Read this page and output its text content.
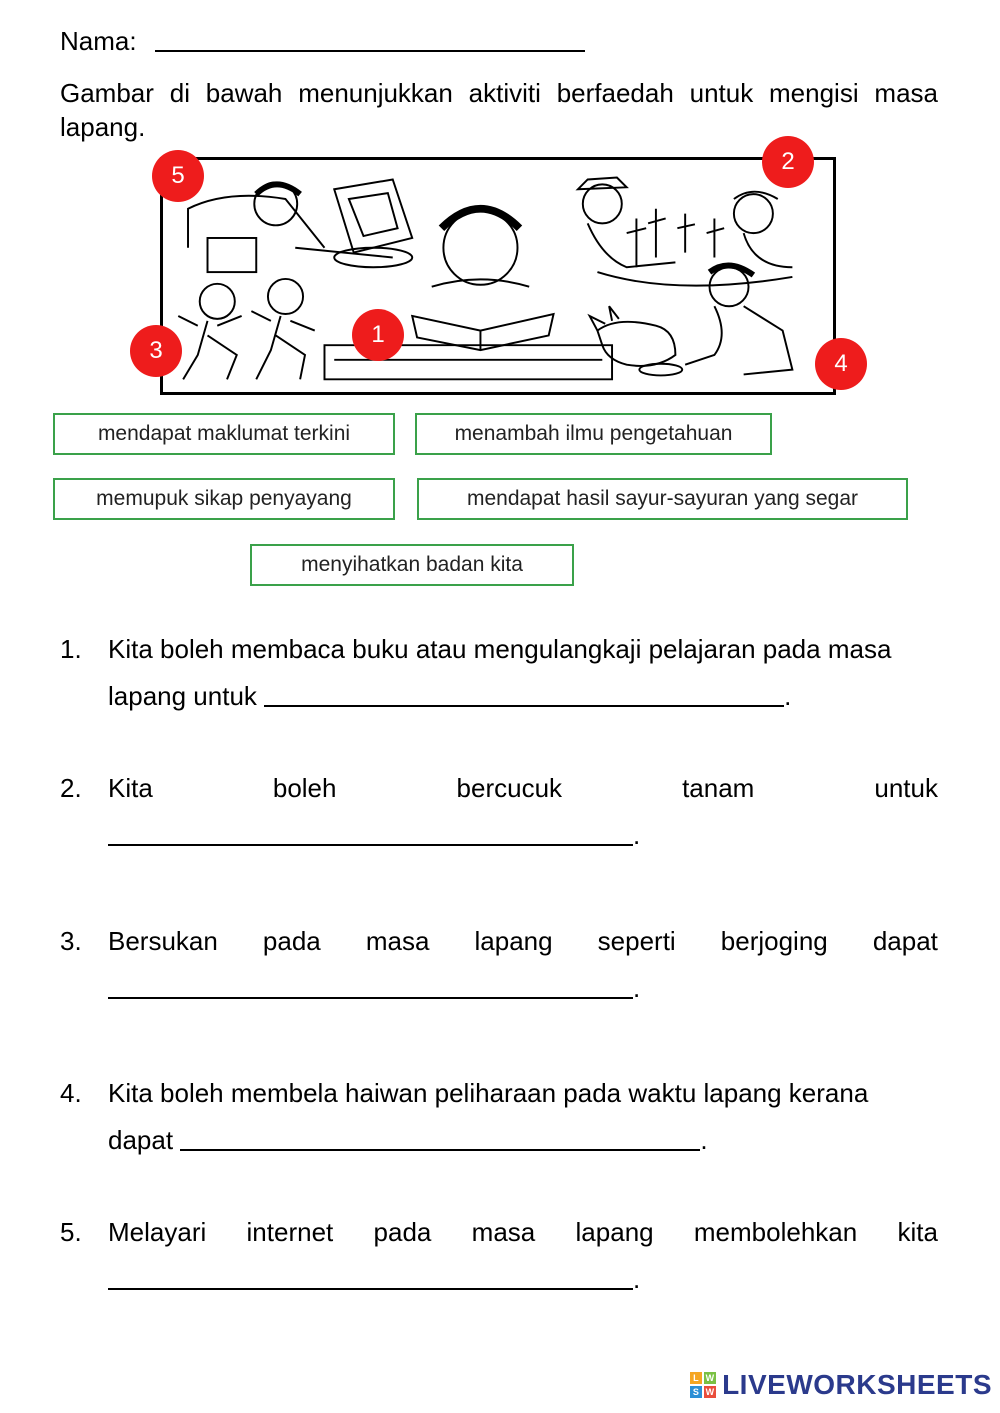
Nama:
Gambar di bawah menunjukkan aktiviti berfaedah untuk mengisi masa lapang.
1
2
3	4
5
mendapat maklumat terkini	menambah ilmu pengetahuan
memupuk sikap penyayang	mendapat hasil sayur-sayuran yang segar
menyihatkan badan kita
1. Kita boleh membaca buku atau mengulangkaji pelajaran pada masa
lapang untuk	.
2. Kita	boleh	bercucuk	tanam	untuk
.
3. Bersukan pada masa lapang seperti berjoging dapat
.
4. Kita boleh membela haiwan peliharaan pada waktu lapang kerana
dapat	.
5. Melayari internet pada masa lapang membolehkan kita
.
L W
S W LIVEWORKSHEETS
